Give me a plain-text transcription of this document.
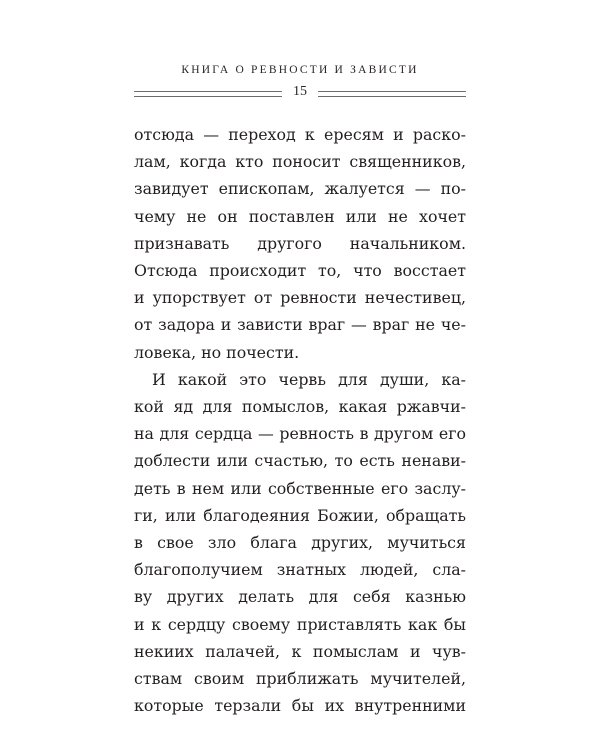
КНИГА О РЕВНОСТИ И ЗАВИСТИ
15
отсюда — переход к ересям и раско-
лам, когда кто поносит священников,
завидует епископам, жалуется — по-
чему не он поставлен или не хочет
признавать другого начальником.
Отсюда происходит то, что восстает
и упорствует от ревности нечестивец,
от задора и зависти враг — враг не че-
ловека, но почести.
И какой это червь для души, ка-
кой яд для помыслов, какая ржавчи-
на для сердца — ревность в другом его
доблести или счастью, то есть ненави-
деть в нем или собственные его заслу-
ги, или благодеяния Божии, обращать
в свое зло блага других, мучиться
благополучием знатных людей, сла-
ву других делать для себя казнью
и к сердцу своему приставлять как бы
некиих палачей, к помыслам и чув-
ствам своим приближать мучителей,
которые терзали бы их внутренними
